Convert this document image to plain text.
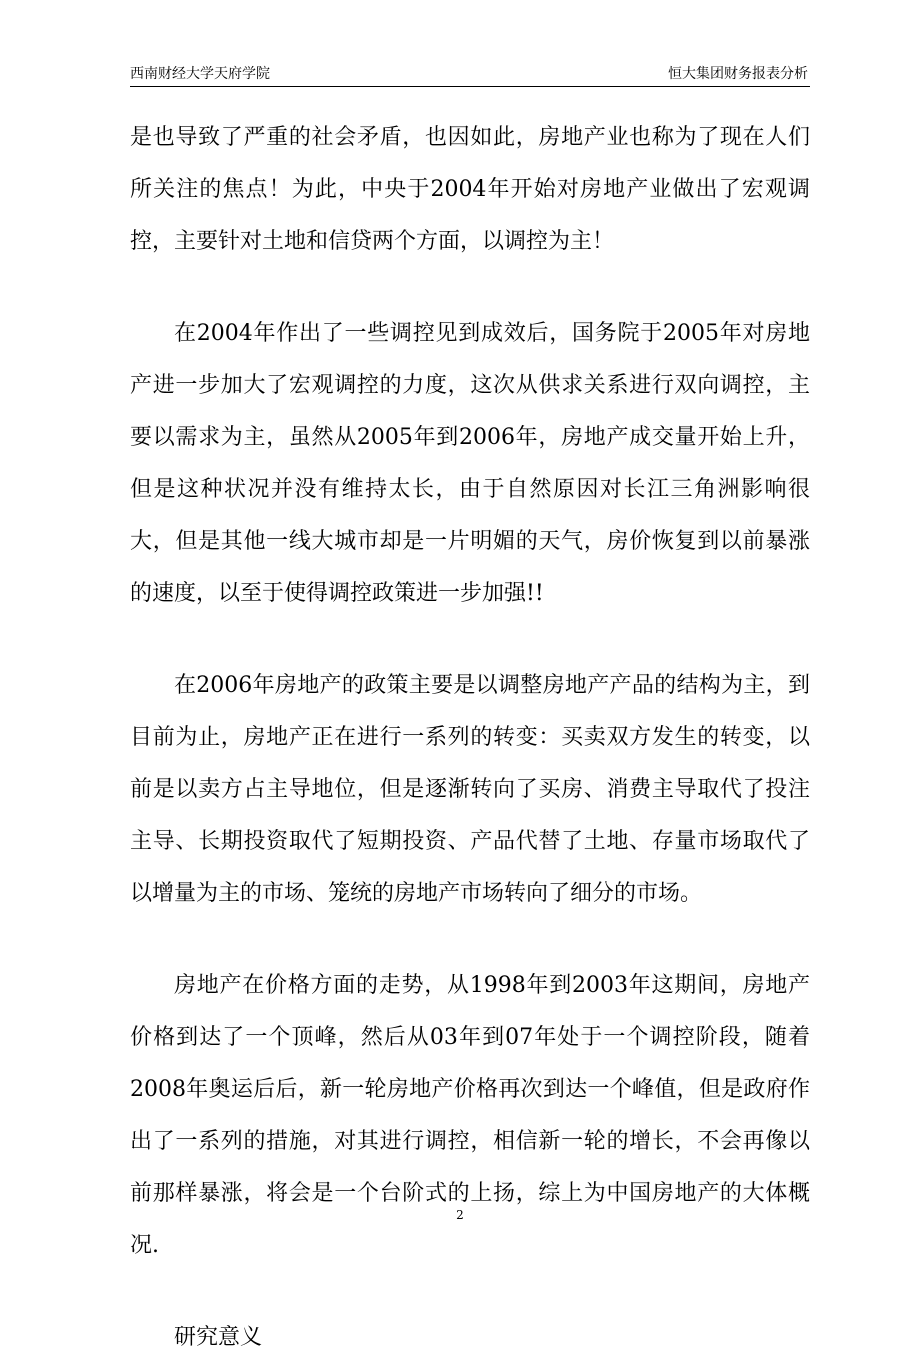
西南财经大学天府学院	恒大集团财务报表分析

是也导致了严重的社会矛盾，也因如此，房地产业也称为了现在人们所关注的焦点！为此，中央于2004年开始对房地产业做出了宏观调控，主要针对土地和信贷两个方面，以调控为主！

在2004年作出了一些调控见到成效后，国务院于2005年对房地产进一步加大了宏观调控的力度，这次从供求关系进行双向调控，主要以需求为主，虽然从2005年到2006年，房地产成交量开始上升，但是这种状况并没有维持太长，由于自然原因对长江三角洲影响很大，但是其他一线大城市却是一片明媚的天气，房价恢复到以前暴涨的速度，以至于使得调控政策进一步加强!!

在2006年房地产的政策主要是以调整房地产产品的结构为主，到目前为止，房地产正在进行一系列的转变：买卖双方发生的转变，以前是以卖方占主导地位，但是逐渐转向了买房、消费主导取代了投注主导、长期投资取代了短期投资、产品代替了土地、存量市场取代了以增量为主的市场、笼统的房地产市场转向了细分的市场。

房地产在价格方面的走势，从1998年到2003年这期间，房地产价格到达了一个顶峰，然后从03年到07年处于一个调控阶段，随着2008年奥运后后，新一轮房地产价格再次到达一个峰值，但是政府作出了一系列的措施，对其进行调控，相信新一轮的增长，不会再像以前那样暴涨，将会是一个台阶式的上扬，综上为中国房地产的大体概况.

研究意义

2
